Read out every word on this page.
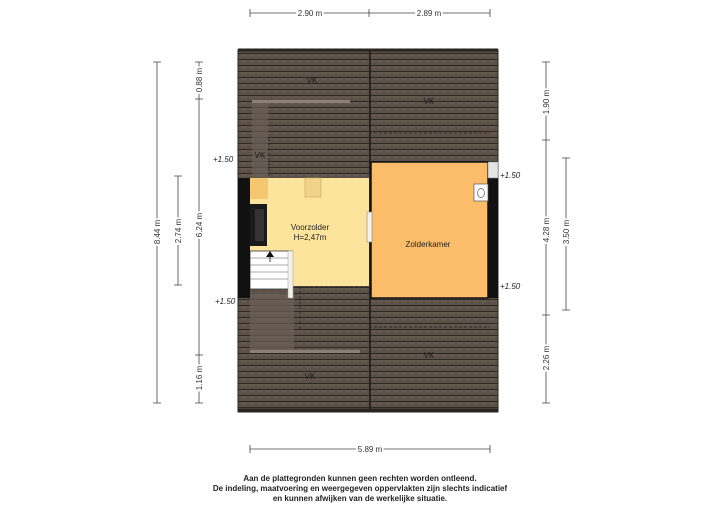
2.90 m	2.89 m
5.89 m
8.44 m 2.74 m 6.24 m
0.88 m
1.16 m
1.90 m
4.28 m
2.26 m
3.50 m
+1.50
+1.50
+1.50
+1.50
VK
VK
VK
VK
VK
Voorzolder
H=2,47m
Zolderkamer
Aan de plattegronden kunnen geen rechten worden ontleend.
De indeling, maatvoering en weergegeven oppervlakten zijn slechts indicatief
en kunnen afwijken van de werkelijke situatie.
